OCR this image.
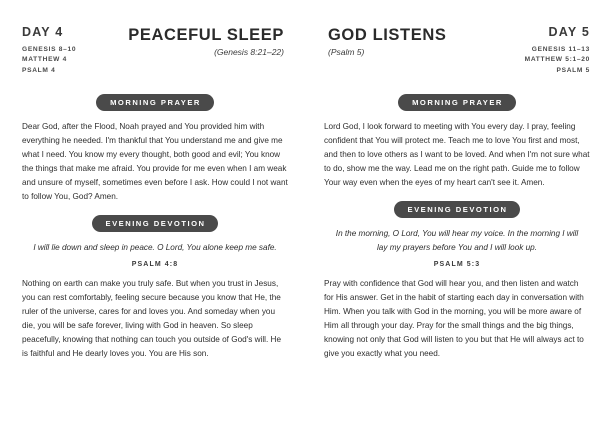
DAY 4
GENESIS 8–10
MATTHEW 4
PSALM 4
PEACEFUL SLEEP
(Genesis 8:21–22)
MORNING PRAYER

Dear God, after the Flood, Noah prayed and You provided him with everything he needed. I'm thankful that You understand me and give me what I need. You know my every thought, both good and evil; You know the things that make me afraid. You provide for me even when I am weak and unsure of myself, sometimes even before I ask. How could I not want to follow You, God? Amen.

EVENING DEVOTION

I will lie down and sleep in peace. O Lord, You alone keep me safe.

PSALM 4:8

Nothing on earth can make you truly safe. But when you trust in Jesus, you can rest comfortably, feeling secure because you know that He, the ruler of the universe, cares for and loves you. And someday when you die, you will be safe forever, living with God in heaven. So sleep peacefully, knowing that nothing can touch you outside of God's will. He is faithful and He dearly loves you. You are His son.

GOD LISTENS
(Psalm 5)
DAY 5
GENESIS 11–13
MATTHEW 5:1–20
PSALM 5
MORNING PRAYER

Lord God, I look forward to meeting with You every day. I pray, feeling confident that You will protect me. Teach me to love You first and most, and then to love others as I want to be loved. And when I'm not sure what to do, show me the way. Lead me on the right path. Guide me to follow Your way even when the eyes of my heart can't see it. Amen.

EVENING DEVOTION

In the morning, O Lord, You will hear my voice. In the morning I will lay my prayers before You and I will look up.

PSALM 5:3

Pray with confidence that God will hear you, and then listen and watch for His answer. Get in the habit of starting each day in conversation with Him. When you talk with God in the morning, you will be more aware of Him all through your day. Pray for the small things and the big things, knowing not only that God will listen to you but that He will always act to give you exactly what you need.
